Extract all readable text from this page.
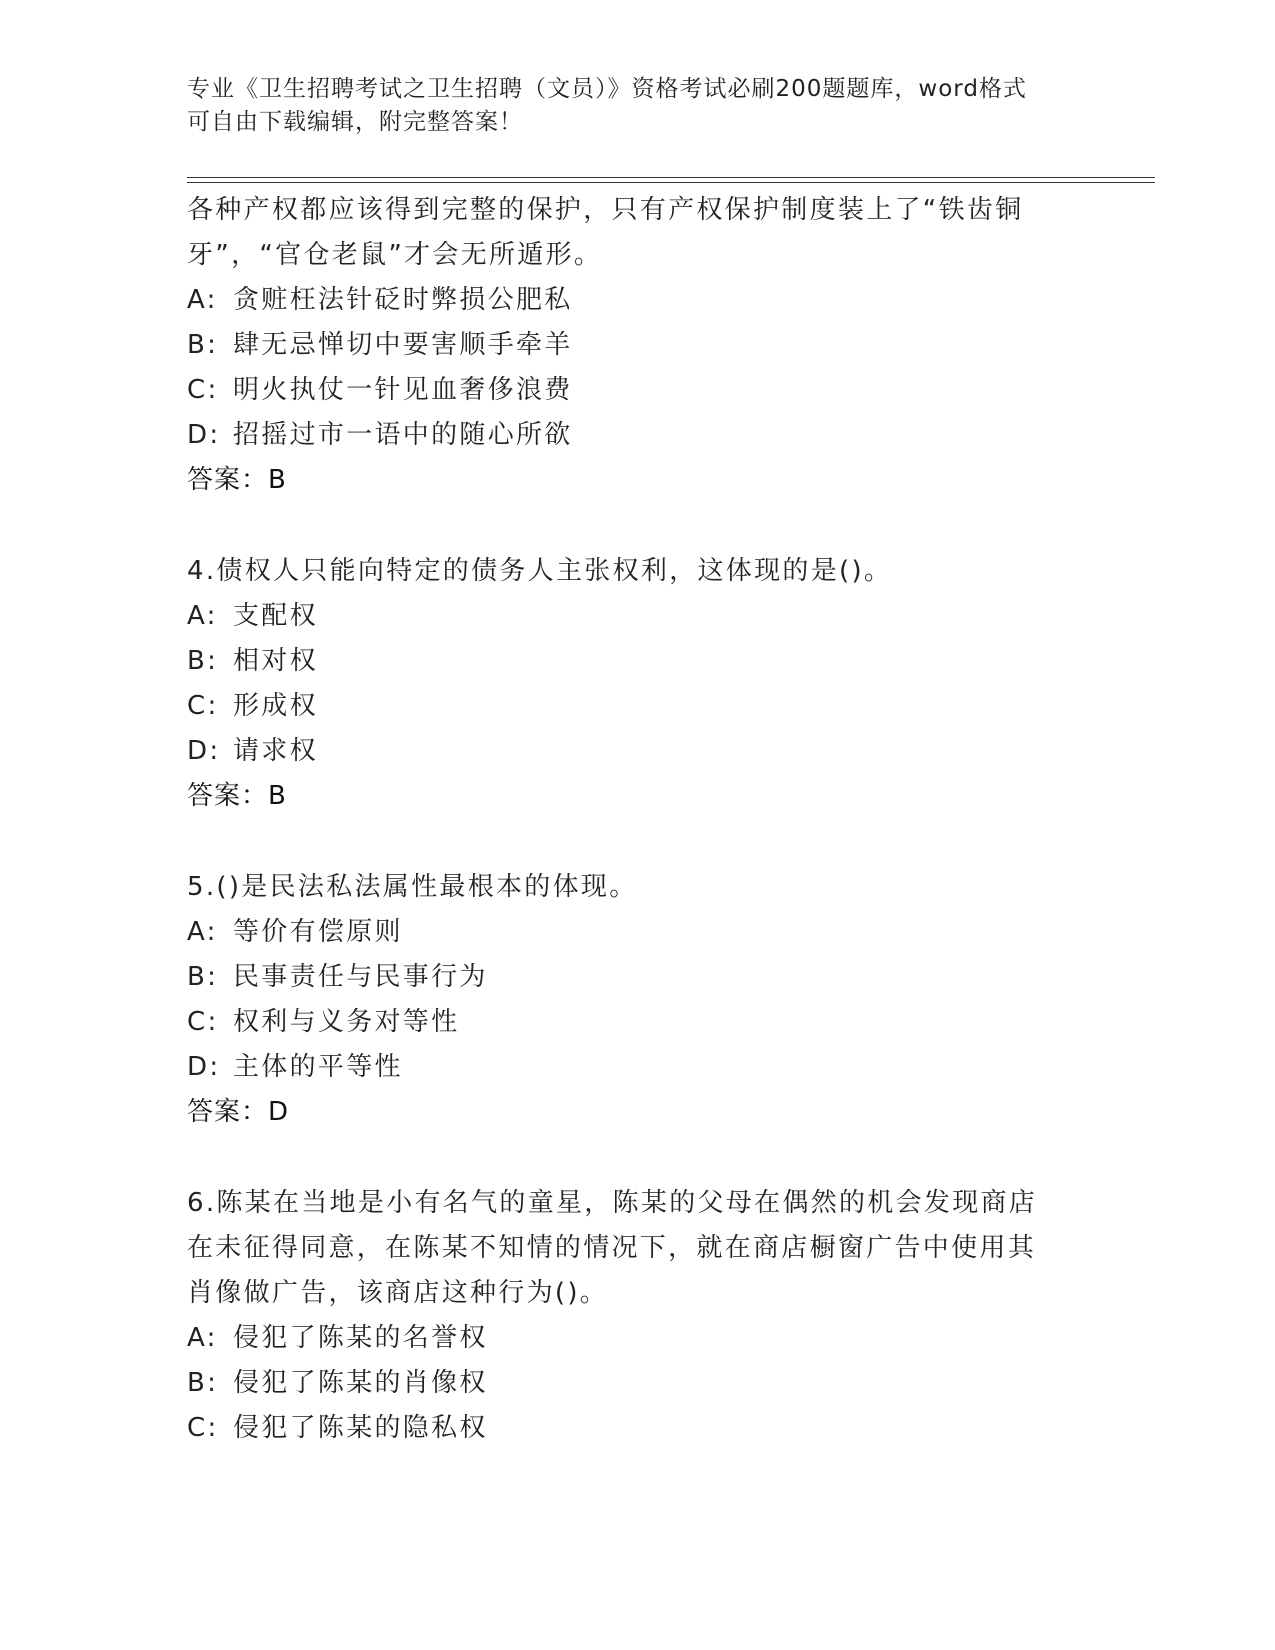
专业《卫生招聘考试之卫生招聘（文员）》资格考试必刷200题题库，word格式
可自由下载编辑，附完整答案！
各种产权都应该得到完整的保护，只有产权保护制度装上了“铁齿铜
牙”，“官仓老鼠”才会无所遁形。
A: 贪赃枉法针砭时弊损公肥私
B: 肆无忌惮切中要害顺手牵羊
C: 明火执仗一针见血奢侈浪费
D: 招摇过市一语中的随心所欲
答案：B
4.债权人只能向特定的债务人主张权利，这体现的是()。
A: 支配权
B: 相对权
C: 形成权
D: 请求权
答案：B
5.()是民法私法属性最根本的体现。
A: 等价有偿原则
B: 民事责任与民事行为
C: 权利与义务对等性
D: 主体的平等性
答案：D
6.陈某在当地是小有名气的童星，陈某的父母在偶然的机会发现商店
在未征得同意，在陈某不知情的情况下，就在商店橱窗广告中使用其
肖像做广告，该商店这种行为()。
A: 侵犯了陈某的名誉权
B: 侵犯了陈某的肖像权
C: 侵犯了陈某的隐私权
